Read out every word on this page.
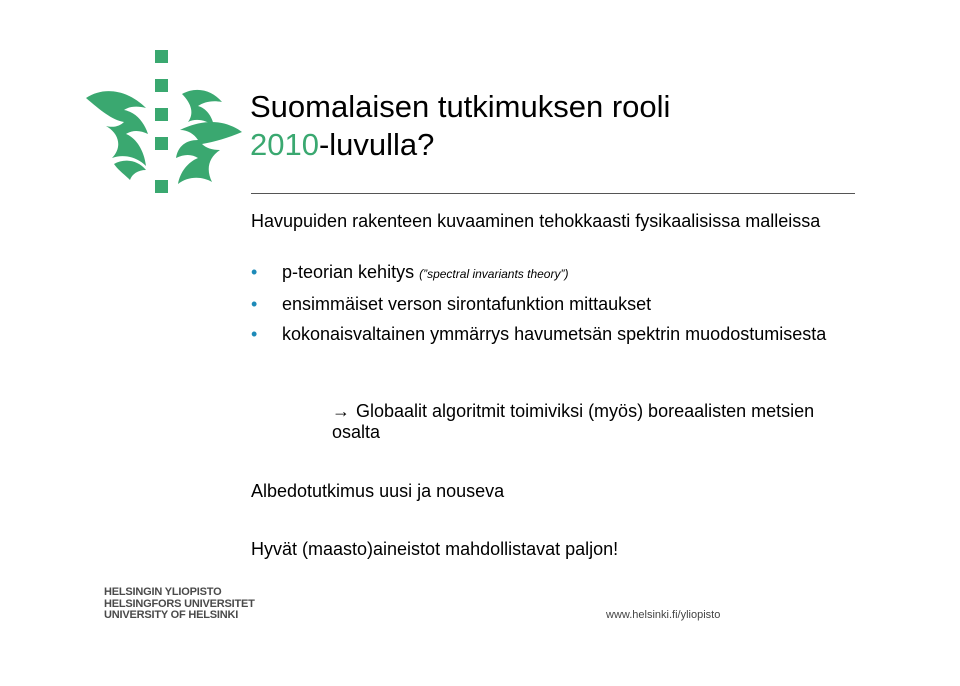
Suomalaisen tutkimuksen rooli
2010-luvulla?

Havupuiden rakenteen kuvaaminen tehokkaasti fysikaalisissa malleissa

• p-teorian kehitys (”spectral invariants theory”)
• ensimmäiset verson sirontafunktion mittaukset
• kokonaisvaltainen ymmärrys havumetsän spektrin muodostumisesta

→ Globaalit algoritmit toimiviksi (myös) boreaalisten metsien osalta

Albedotutkimus uusi ja nouseva

Hyvät (maasto)aineistot mahdollistavat paljon!

HELSINGIN YLIOPISTO
HELSINGFORS UNIVERSITET
UNIVERSITY OF HELSINKI	www.helsinki.fi/yliopisto
